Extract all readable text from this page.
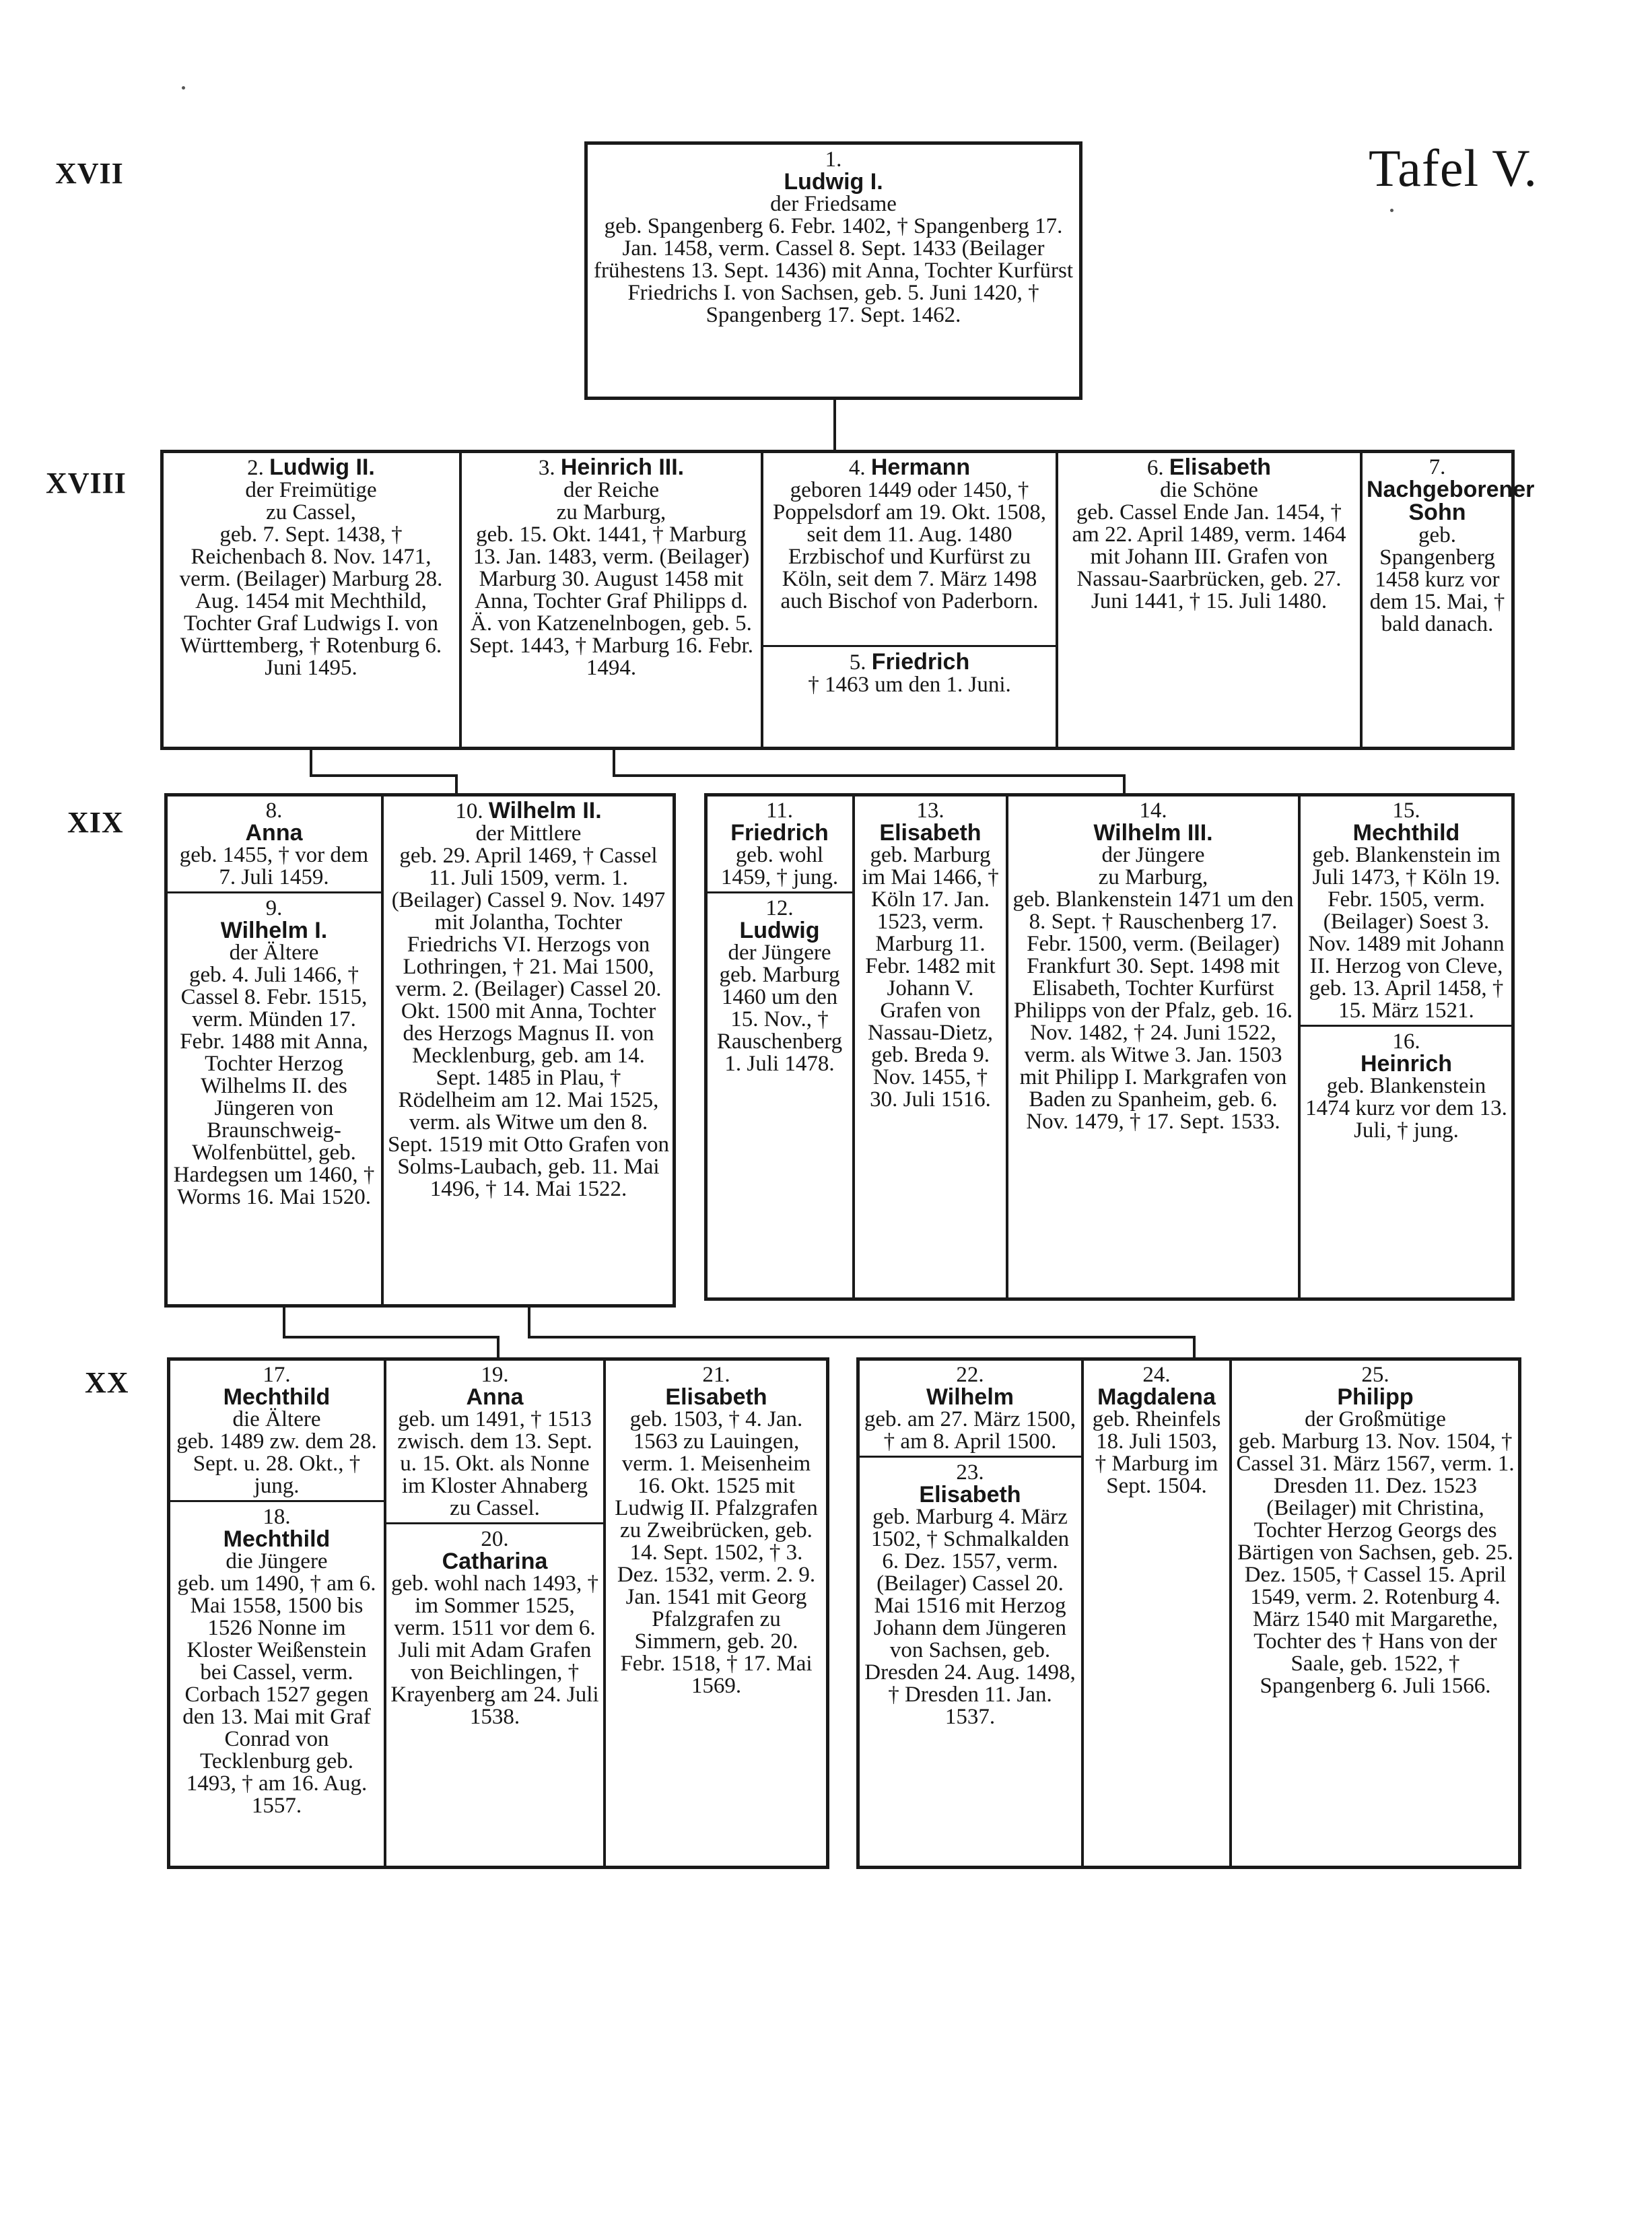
XVII	Tafel V.
1.
Ludwig I.
der Friedsame
geb. Spangenberg 6. Febr. 1402, † Spangenberg 17. Jan. 1458, verm. Cassel 8. Sept. 1433 (Beilager frühestens 13. Sept. 1436) mit Anna, Tochter Kurfürst Friedrichs I. von Sachsen, geb. 5. Juni 1420, † Spangenberg 17. Sept. 1462.
XVIII	2. Ludwig II.
der Freimütige
zu Cassel,
geb. 7. Sept. 1438, † Reichenbach 8. Nov. 1471, verm. (Beilager) Marburg 28. Aug. 1454 mit Mechthild, Tochter Graf Ludwigs I. von Württemberg, † Rotenburg 6. Juni 1495.
3. Heinrich III.
der Reiche
zu Marburg,
geb. 15. Okt. 1441, † Marburg 13. Jan. 1483, verm. (Beilager) Marburg 30. August 1458 mit Anna, Tochter Graf Philipps d. Ä. von Katzenelnbogen, geb. 5. Sept. 1443, † Marburg 16. Febr. 1494.
4. Hermann
geboren 1449 oder 1450, † Poppelsdorf am 19. Okt. 1508, seit dem 11. Aug. 1480 Erzbischof und Kurfürst zu Köln, seit dem 7. März 1498 auch Bischof von Paderborn.
5. Friedrich
† 1463 um den 1. Juni.
6. Elisabeth
die Schöne
geb. Cassel Ende Jan. 1454, † am 22. April 1489, verm. 1464 mit Johann III. Grafen von Nassau-Saarbrücken, geb. 27. Juni 1441, † 15. Juli 1480.
7. Nachgeborener Sohn
geb. Spangenberg 1458 kurz vor dem 15. Mai, † bald danach.
XIX	8.
Anna
geb. 1455, † vor dem 7. Juli 1459.
9.
Wilhelm I.
der Ältere
geb. 4. Juli 1466, † Cassel 8. Febr. 1515, verm. Münden 17. Febr. 1488 mit Anna, Tochter Herzog Wilhelms II. des Jüngeren von Braunschweig-Wolfenbüttel, geb. Hardegsen um 1460, † Worms 16. Mai 1520.
10. Wilhelm II.
der Mittlere
geb. 29. April 1469, † Cassel 11. Juli 1509, verm. 1. (Beilager) Cassel 9. Nov. 1497 mit Jolantha, Tochter Friedrichs VI. Herzogs von Lothringen, † 21. Mai 1500, verm. 2. (Beilager) Cassel 20. Okt. 1500 mit Anna, Tochter des Herzogs Magnus II. von Mecklenburg, geb. am 14. Sept. 1485 in Plau, † Rödelheim am 12. Mai 1525, verm. als Witwe um den 8. Sept. 1519 mit Otto Grafen von Solms-Laubach, geb. 11. Mai 1496, † 14. Mai 1522.
11.
Friedrich
geb. wohl 1459, † jung.
12.
Ludwig
der Jüngere
geb. Marburg 1460 um den 15. Nov., † Rauschenberg 1. Juli 1478.
13.
Elisabeth
geb. Marburg im Mai 1466, † Köln 17. Jan. 1523, verm. Marburg 11. Febr. 1482 mit Johann V. Grafen von Nassau-Dietz, geb. Breda 9. Nov. 1455, † 30. Juli 1516.
14.
Wilhelm III.
der Jüngere
zu Marburg,
geb. Blankenstein 1471 um den 8. Sept. † Rauschenberg 17. Febr. 1500, verm. (Beilager) Frankfurt 30. Sept. 1498 mit Elisabeth, Tochter Kurfürst Philipps von der Pfalz, geb. 16. Nov. 1482, † 24. Juni 1522, verm. als Witwe 3. Jan. 1503 mit Philipp I. Markgrafen von Baden zu Spanheim, geb. 6. Nov. 1479, † 17. Sept. 1533.
15.
Mechthild
geb. Blankenstein im Juli 1473, † Köln 19. Febr. 1505, verm. (Beilager) Soest 3. Nov. 1489 mit Johann II. Herzog von Cleve, geb. 13. April 1458, † 15. März 1521.
16.
Heinrich
geb. Blankenstein 1474 kurz vor dem 13. Juli, † jung.
XX	17.
Mechthild
die Ältere
geb. 1489 zw. dem 28. Sept. u. 28. Okt., † jung.
18.
Mechthild
die Jüngere
geb. um 1490, † am 6. Mai 1558, 1500 bis 1526 Nonne im Kloster Weißenstein bei Cassel, verm. Corbach 1527 gegen den 13. Mai mit Graf Conrad von Tecklenburg geb. 1493, † am 16. Aug. 1557.
19.
Anna
geb. um 1491, † 1513 zwisch. dem 13. Sept. u. 15. Okt. als Nonne im Kloster Ahnaberg zu Cassel.
20.
Catharina
geb. wohl nach 1493, † im Sommer 1525, verm. 1511 vor dem 6. Juli mit Adam Grafen von Beichlingen, † Krayenberg am 24. Juli 1538.
21.
Elisabeth
geb. 1503, † 4. Jan. 1563 zu Lauingen, verm. 1. Meisenheim 16. Okt. 1525 mit Ludwig II. Pfalzgrafen zu Zweibrücken, geb. 14. Sept. 1502, † 3. Dez. 1532, verm. 2. 9. Jan. 1541 mit Georg Pfalzgrafen zu Simmern, geb. 20. Febr. 1518, † 17. Mai 1569.
22.
Wilhelm
geb. am 27. März 1500, † am 8. April 1500.
23.
Elisabeth
geb. Marburg 4. März 1502, † Schmalkalden 6. Dez. 1557, verm. (Beilager) Cassel 20. Mai 1516 mit Herzog Johann dem Jüngeren von Sachsen, geb. Dresden 24. Aug. 1498, † Dresden 11. Jan. 1537.
24.
Magdalena
geb. Rheinfels 18. Juli 1503, † Marburg im Sept. 1504.
25.
Philipp
der Großmütige
geb. Marburg 13. Nov. 1504, † Cassel 31. März 1567, verm. 1. Dresden 11. Dez. 1523 (Beilager) mit Christina, Tochter Herzog Georgs des Bärtigen von Sachsen, geb. 25. Dez. 1505, † Cassel 15. April 1549, verm. 2. Rotenburg 4. März 1540 mit Margarethe, Tochter des † Hans von der Saale, geb. 1522, † Spangenberg 6. Juli 1566.
